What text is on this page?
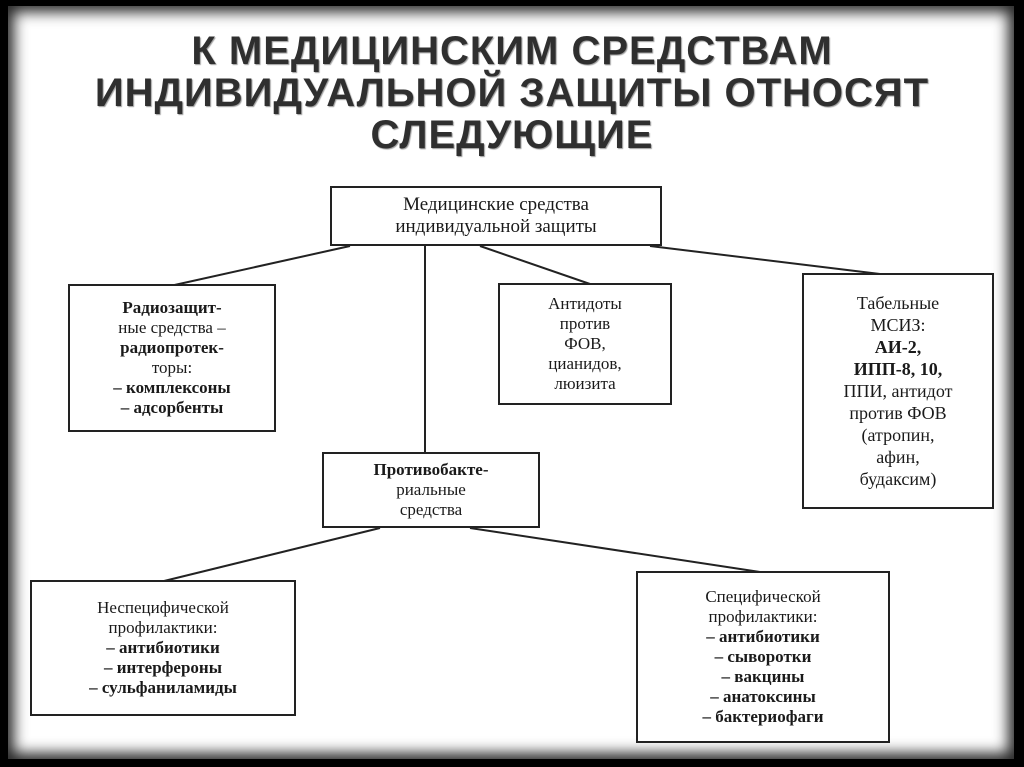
К МЕДИЦИНСКИМ СРЕДСТВАМ
ИНДИВИДУАЛЬНОЙ ЗАЩИТЫ ОТНОСЯТ
СЛЕДУЮЩИЕ
Медицинские средства
индивидуальной защиты
Радиозащит-
ные средства –
радиопротек-
торы:
– комплексоны
– адсорбенты
Антидоты
против
ФОВ,
цианидов,
люизита
Табельные
МСИЗ:
АИ-2,
ИПП-8, 10,
ППИ, антидот
против ФОВ
(атропин,
афин,
будаксим)
Противобакте-
риальные
средства
Неспецифической
профилактики:
– антибиотики
– интерфероны
– сульфаниламиды
Специфической
профилактики:
– антибиотики
– сыворотки
– вакцины
– анатоксины
– бактериофаги
